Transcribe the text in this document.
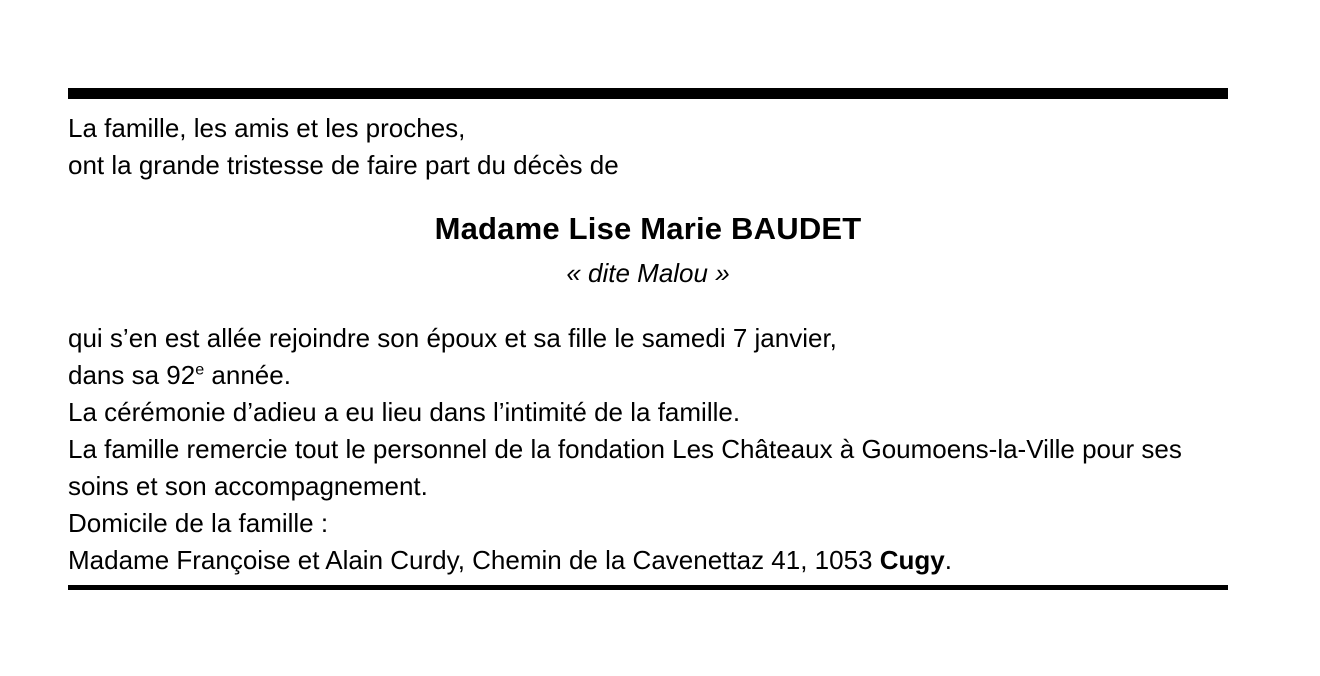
La famille, les amis et les proches,

ont la grande tristesse de faire part du décès de

Madame Lise Marie BAUDET
« dite Malou »

qui s’en est allée rejoindre son époux et sa fille le samedi 7 janvier,

dans sa 92e année.

La cérémonie d’adieu a eu lieu dans l’intimité de la famille.

La famille remercie tout le personnel de la fondation Les Châteaux à Goumoens-la-Ville pour ses soins et son accompagnement.

Domicile de la famille :

Madame Françoise et Alain Curdy, Chemin de la Cavenettaz 41, 1053 Cugy.
